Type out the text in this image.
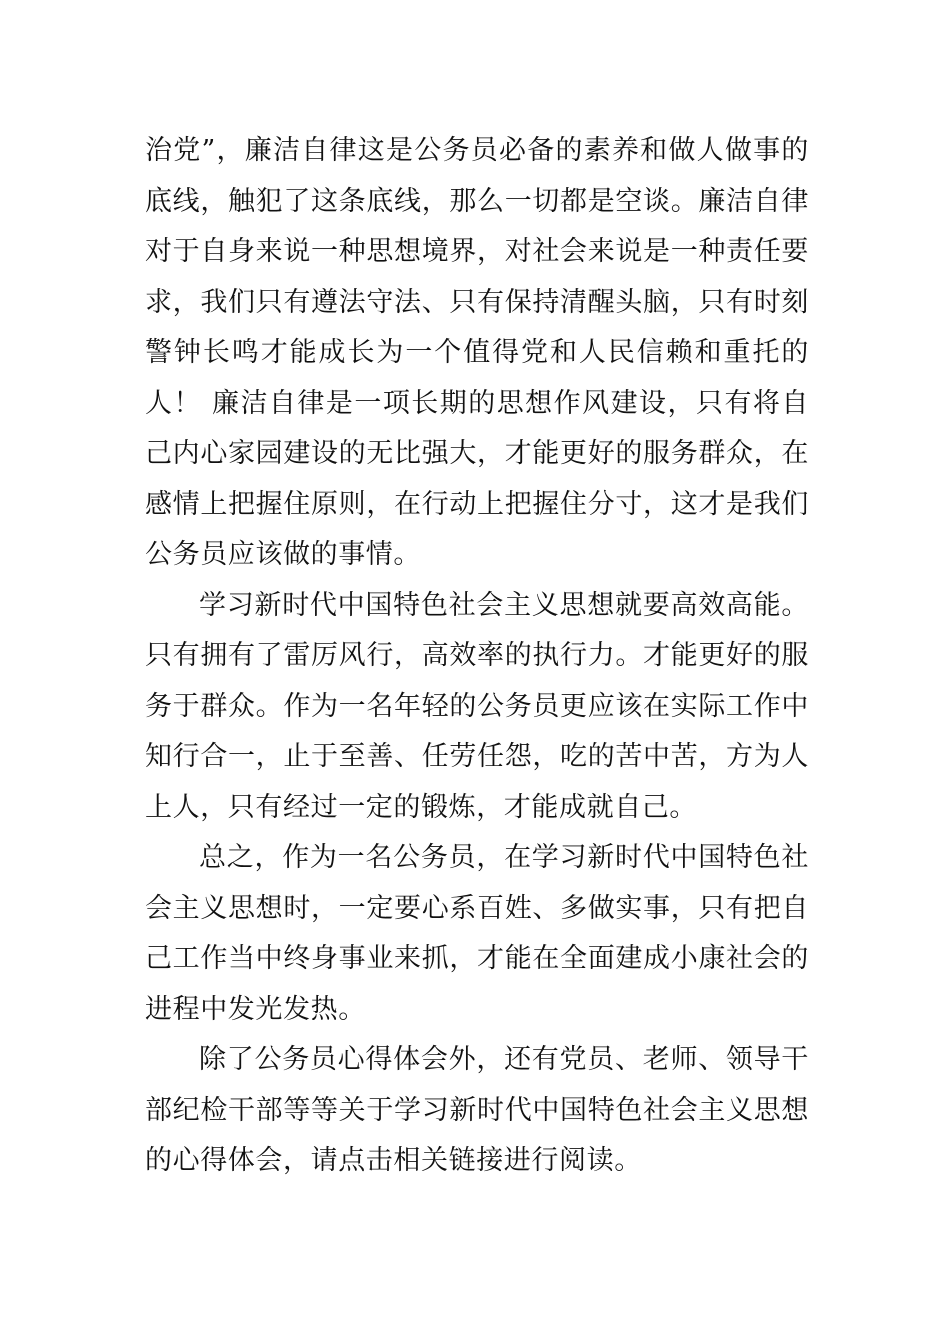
治党”，廉洁自律这是公务员必备的素养和做人做事的底线，触犯了这条底线，那么一切都是空谈。廉洁自律对于自身来说一种思想境界，对社会来说是一种责任要求，我们只有遵法守法、只有保持清醒头脑，只有时刻警钟长鸣才能成长为一个值得党和人民信赖和重托的人！ 廉洁自律是一项长期的思想作风建设，只有将自己内心家园建设的无比强大，才能更好的服务群众，在感情上把握住原则，在行动上把握住分寸，这才是我们公务员应该做的事情。

学习新时代中国特色社会主义思想就要高效高能。只有拥有了雷厉风行，高效率的执行力。才能更好的服务于群众。作为一名年轻的公务员更应该在实际工作中知行合一，止于至善、任劳任怨，吃的苦中苦，方为人上人，只有经过一定的锻炼，才能成就自己。

总之，作为一名公务员，在学习新时代中国特色社会主义思想时，一定要心系百姓、多做实事，只有把自己工作当中终身事业来抓，才能在全面建成小康社会的进程中发光发热。

除了公务员心得体会外，还有党员、老师、领导干部纪检干部等等关于学习新时代中国特色社会主义思想的心得体会，请点击相关链接进行阅读。
